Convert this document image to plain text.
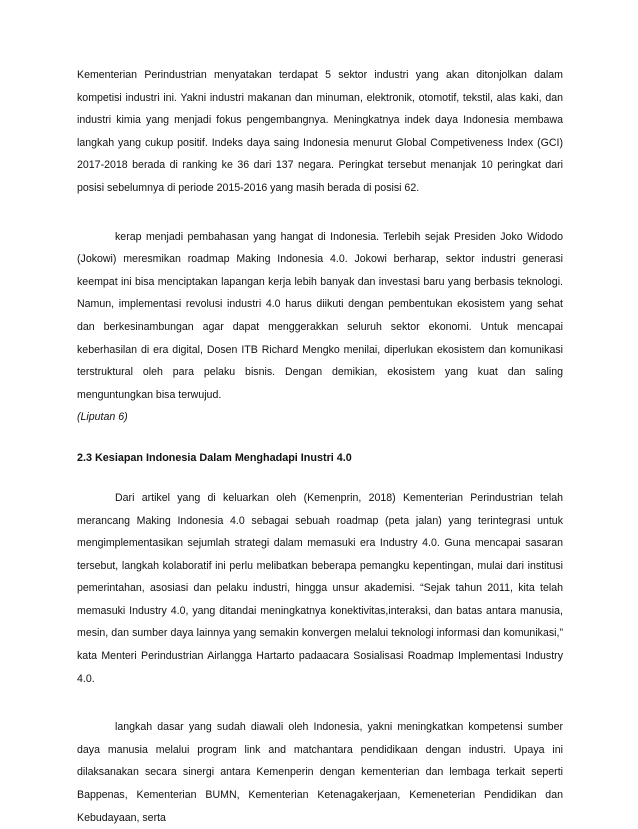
Kementerian Perindustrian menyatakan terdapat 5 sektor industri yang akan ditonjolkan dalam kompetisi industri ini. Yakni industri makanan dan minuman, elektronik, otomotif, tekstil, alas kaki, dan industri kimia yang menjadi fokus pengembangnya. Meningkatnya indek daya Indonesia membawa langkah yang cukup positif. Indeks daya saing Indonesia menurut Global Competiveness Index (GCI) 2017-2018 berada di ranking ke 36 dari 137 negara. Peringkat tersebut menanjak 10 peringkat dari posisi sebelumnya di periode 2015-2016 yang masih berada di posisi 62.

kerap menjadi pembahasan yang hangat di Indonesia. Terlebih sejak Presiden Joko Widodo (Jokowi) meresmikan roadmap Making Indonesia 4.0. Jokowi berharap, sektor industri generasi keempat ini bisa menciptakan lapangan kerja lebih banyak dan investasi baru yang berbasis teknologi. Namun, implementasi revolusi industri 4.0 harus diikuti dengan pembentukan ekosistem yang sehat dan berkesinambungan agar dapat menggerakkan seluruh sektor ekonomi. Untuk mencapai keberhasilan di era digital, Dosen ITB Richard Mengko menilai, diperlukan ekosistem dan komunikasi terstruktural oleh para pelaku bisnis. Dengan demikian, ekosistem yang kuat dan saling menguntungkan bisa terwujud.

(Liputan 6)

2.3 Kesiapan Indonesia Dalam Menghadapi Inustri 4.0

Dari artikel yang di keluarkan oleh (Kemenprin, 2018) Kementerian Perindustrian telah merancang Making Indonesia 4.0 sebagai sebuah roadmap (peta jalan) yang terintegrasi untuk mengimplementasikan sejumlah strategi dalam memasuki era Industry 4.0. Guna mencapai sasaran tersebut, langkah kolaboratif ini perlu melibatkan beberapa pemangku kepentingan, mulai dari institusi pemerintahan, asosiasi dan pelaku industri, hingga unsur akademisi. “Sejak tahun 2011, kita telah memasuki Industry 4.0, yang ditandai meningkatnya konektivitas,interaksi, dan batas antara manusia, mesin, dan sumber daya lainnya yang semakin konvergen melalui teknologi informasi dan komunikasi,” kata Menteri Perindustrian Airlangga Hartarto padaacara Sosialisasi Roadmap Implementasi Industry 4.0.

langkah dasar yang sudah diawali oleh Indonesia, yakni meningkatkan kompetensi sumber daya manusia melalui program link and matchantara pendidikaan dengan industri. Upaya ini dilaksanakan secara sinergi antara Kemenperin dengan kementerian dan lembaga terkait seperti Bappenas, Kementerian BUMN, Kementerian Ketenagakerjaan, Kemeneterian Pendidikan dan Kebudayaan, serta
